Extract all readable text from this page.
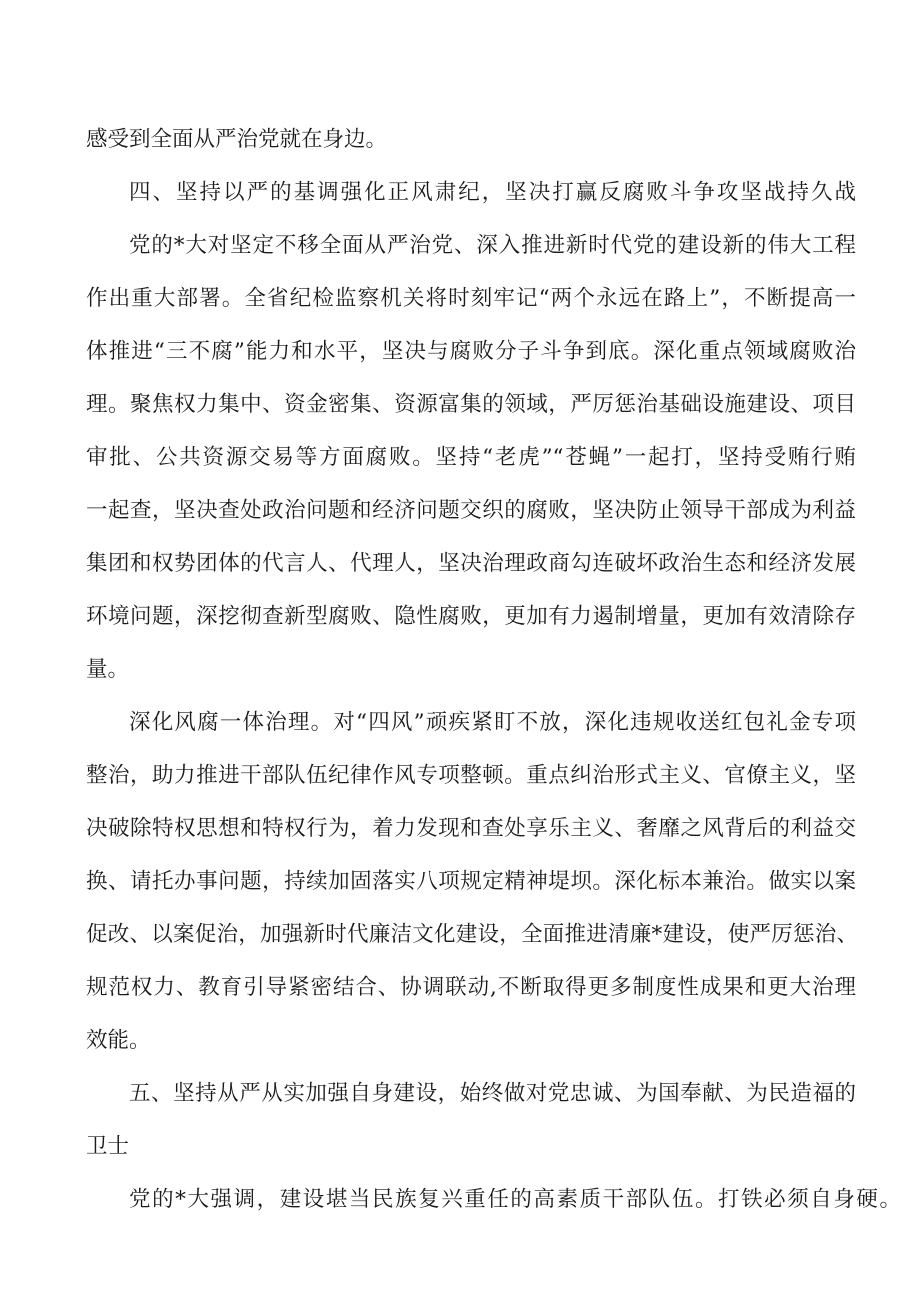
感受到全面从严治党就在身边。
四、坚持以严的基调强化正风肃纪，坚决打赢反腐败斗争攻坚战持久战
党的*大对坚定不移全面从严治党、深入推进新时代党的建设新的伟大工程
作出重大部署。全省纪检监察机关将时刻牢记“两个永远在路上”，不断提高一
体推进“三不腐”能力和水平，坚决与腐败分子斗争到底。深化重点领域腐败治
理。聚焦权力集中、资金密集、资源富集的领域，严厉惩治基础设施建设、项目
审批、公共资源交易等方面腐败。坚持“老虎”“苍蝇”一起打，坚持受贿行贿
一起查，坚决查处政治问题和经济问题交织的腐败，坚决防止领导干部成为利益
集团和权势团体的代言人、代理人，坚决治理政商勾连破坏政治生态和经济发展
环境问题，深挖彻查新型腐败、隐性腐败，更加有力遏制增量，更加有效清除存
量。
深化风腐一体治理。对“四风”顽疾紧盯不放，深化违规收送红包礼金专项
整治，助力推进干部队伍纪律作风专项整顿。重点纠治形式主义、官僚主义，坚
决破除特权思想和特权行为，着力发现和查处享乐主义、奢靡之风背后的利益交
换、请托办事问题，持续加固落实八项规定精神堤坝。深化标本兼治。做实以案
促改、以案促治，加强新时代廉洁文化建设，全面推进清廉*建设，使严厉惩治、
规范权力、教育引导紧密结合、协调联动,不断取得更多制度性成果和更大治理
效能。
五、坚持从严从实加强自身建设，始终做对党忠诚、为国奉献、为民造福的
卫士
党的*大强调，建设堪当民族复兴重任的高素质干部队伍。打铁必须自身硬。
